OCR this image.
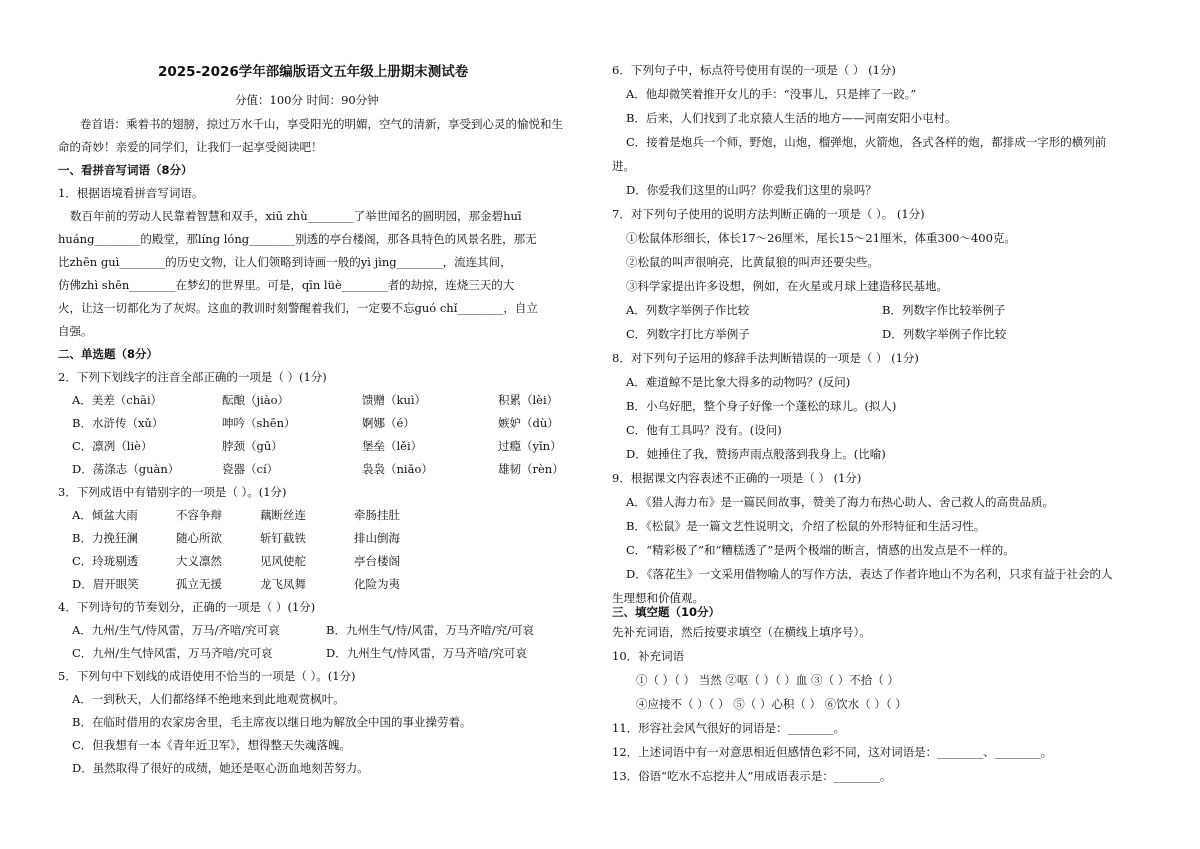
2025-2026学年部编版语文五年级上册期末测试卷
分值：100分 时间：90分钟
卷首语：乘着书的翅膀，掠过万水千山，享受阳光的明媚，空气的清新，享受到心灵的愉悦和生
命的奇妙！亲爱的同学们，让我们一起享受阅读吧！
一、看拼音写词语（8分）
1．根据语境看拼音写词语。
数百年前的劳动人民靠着智慧和双手，xiū zhù________了举世闻名的圆明园，那金碧huī
huáng________的殿堂，那líng lóng________别透的亭台楼阁，那各具特色的风景名胜，那无
比zhēn guì________的历史文物，让人们领略到诗画一般的yì jìng________，流连其间，
仿佛zhì shēn________在梦幻的世界里。可是，qīn lüè________者的劫掠，连烧三天的大
火，让这一切都化为了灰烬。这血的教训时刻警醒着我们，一定要不忘guó chǐ________，自立
自强。
二、单选题（8分）
2．下列下划线字的注音全部正确的一项是（ ）(1分)
A．美差（chāi）	酝酿（jiào）	馈赠（kuì）	积累（lèi）
B．水浒传（xǔ）	呻吟（shēn）	婀娜（é）	嫉妒（dù）
C．凛冽（liè）	脖颈（gū）	堡垒（lěi）	过瘾（yǐn）
D．荡涤志（guàn）	瓷器（cí）	袅袅（niǎo）	雄韧（rèn）
3．下列成语中有错别字的一项是（ ）。(1分)
A．倾盆大雨	不容争辩	藕断丝连	牵肠挂肚
B．力挽狂澜	随心所欲	斩钉截铁	排山倒海
C．玲珑剔透	大义凛然	见风使舵	亭台楼阁
D．眉开眼笑	孤立无援	龙飞凤舞	化险为夷
4．下列诗句的节奏划分，正确的一项是（ ）(1分)
A．九州/生气/恃风雷，万马/齐喑/究可哀	B．九州生气/恃/风雷，万马齐喑/究/可哀
C．九州/生气恃风雷，万马齐喑/究可哀	D．九州生气/恃风雷，万马齐喑/究可哀
5．下列句中下划线的成语使用不恰当的一项是（ ）。(1分)
A．一到秋天，人们都络绎不绝地来到此地观赏枫叶。
B．在临时借用的农家房舍里，毛主席夜以继日地为解放全中国的事业操劳着。
C．但我想有一本《青年近卫军》，想得整天失魂落魄。
D．虽然取得了很好的成绩，她还是呕心沥血地刻苦努力。
6．下列句子中，标点符号使用有误的一项是（ ） (1分)
A．他却微笑着推开女儿的手：“没事儿，只是摔了一跤。”
B．后来，人们找到了北京猿人生活的地方——河南安阳小屯村。
C．接着是炮兵一个师，野炮，山炮，榴弹炮，火箭炮，各式各样的炮，都排成一字形的横列前
进。
D．你爱我们这里的山吗？你爱我们这里的泉吗？
7．对下列句子使用的说明方法判断正确的一项是（ ）。 (1分)
①松鼠体形细长，体长17～26厘米，尾长15～21厘米，体重300～400克。
②松鼠的叫声很响亮，比黄鼠狼的叫声还要尖些。
③科学家提出许多设想，例如，在火星或月球上建造移民基地。
A．列数字举例子作比较	B．列数字作比较举例子
C．列数字打比方举例子	D．列数字举例子作比较
8．对下列句子运用的修辞手法判断错误的一项是（ ） (1分)
A．难道鲸不是比象大得多的动物吗？(反问)
B．小乌好肥，整个身子好像一个蓬松的球儿。(拟人)
C．他有工具吗？没有。(设问)
D．她捶住了我，赞扬声雨点般落到我身上。(比喻)
9．根据课文内容表述不正确的一项是（ ） (1分)
A．《猎人海力布》是一篇民间故事，赞美了海力布热心助人、舍己救人的高贵品质。
B．《松鼠》是一篇文艺性说明文，介绍了松鼠的外形特征和生活习性。
C．“精彩极了”和“糟糕透了”是两个极端的断言，情感的出发点是不一样的。
D．《落花生》一文采用借物喻人的写作方法，表达了作者许地山不为名利，只求有益于社会的人
生理想和价值观。
三、填空题（10分）
先补充词语，然后按要求填空（在横线上填序号）。
10．补充词语
①（ ）（ ） 当然 ②呕（ ）（ ）血 ③（ ）不拾（ ）
④应接不（ ）（ ） ⑤（ ）心积（ ） ⑥饮水（ ）（ ）
11．形容社会风气很好的词语是：________。
12．上述词语中有一对意思相近但感情色彩不同，这对词语是：________、________。
13．俗语“吃水不忘挖井人”用成语表示是：________。
